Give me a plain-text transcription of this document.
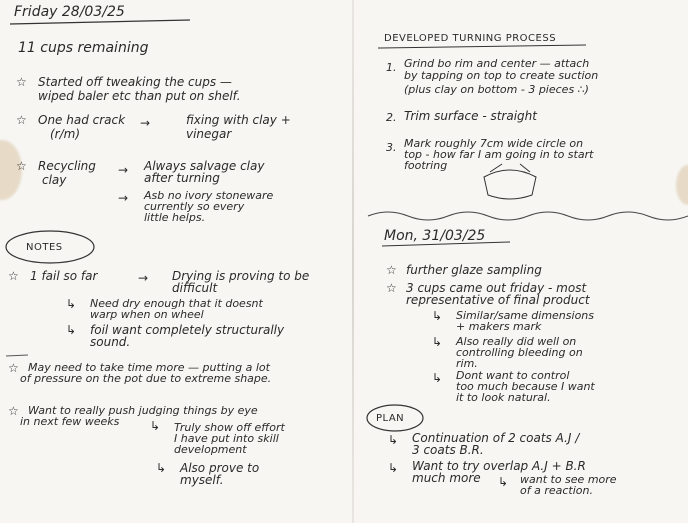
Friday 28/03/25
11 cups remaining
☆ Started off tweaking the cups —
wiped baler etc than put on shelf.
☆ One had crack
(r/m)
→	fixing with clay +
vinegar
☆ Recycling
clay
→ Always salvage clay
after turning
→ Asb no ivory stoneware
currently so every
little helps.
NOTES
☆ 1 fail so far	→ Drying is proving to be
difficult
↳ Need dry enough that it doesnt
warp when on wheel
↳ foil want completely structurally
sound.
☆ May need to take time more — putting a lot
of pressure on the pot due to extreme shape.
☆ Want to really push judging things by eye
in next few weeks	↳ Truly show off effort
I have put into skill
development
↳ Also prove to
myself.
DEVELOPED TURNING PROCESS
1. Grind bo rim and center — attach
by tapping on top to create suction
(plus clay on bottom - 3 pieces ∴)
2. Trim surface - straight
3. Mark roughly 7cm wide circle on
top - how far I am going in to start
footring
Mon, 31/03/25
☆ further glaze sampling
☆ 3 cups came out friday - most
representative of final product
↳ Similar/same dimensions
+ makers mark
↳ Also really did well on
controlling bleeding on
rim.
↳ Dont want to control
too much because I want
it to look natural.
PLAN
↳ Continuation of 2 coats A.J /
3 coats B.R.
↳ Want to try overlap A.J + B.R
much more ↳ want to see more
of a reaction.
